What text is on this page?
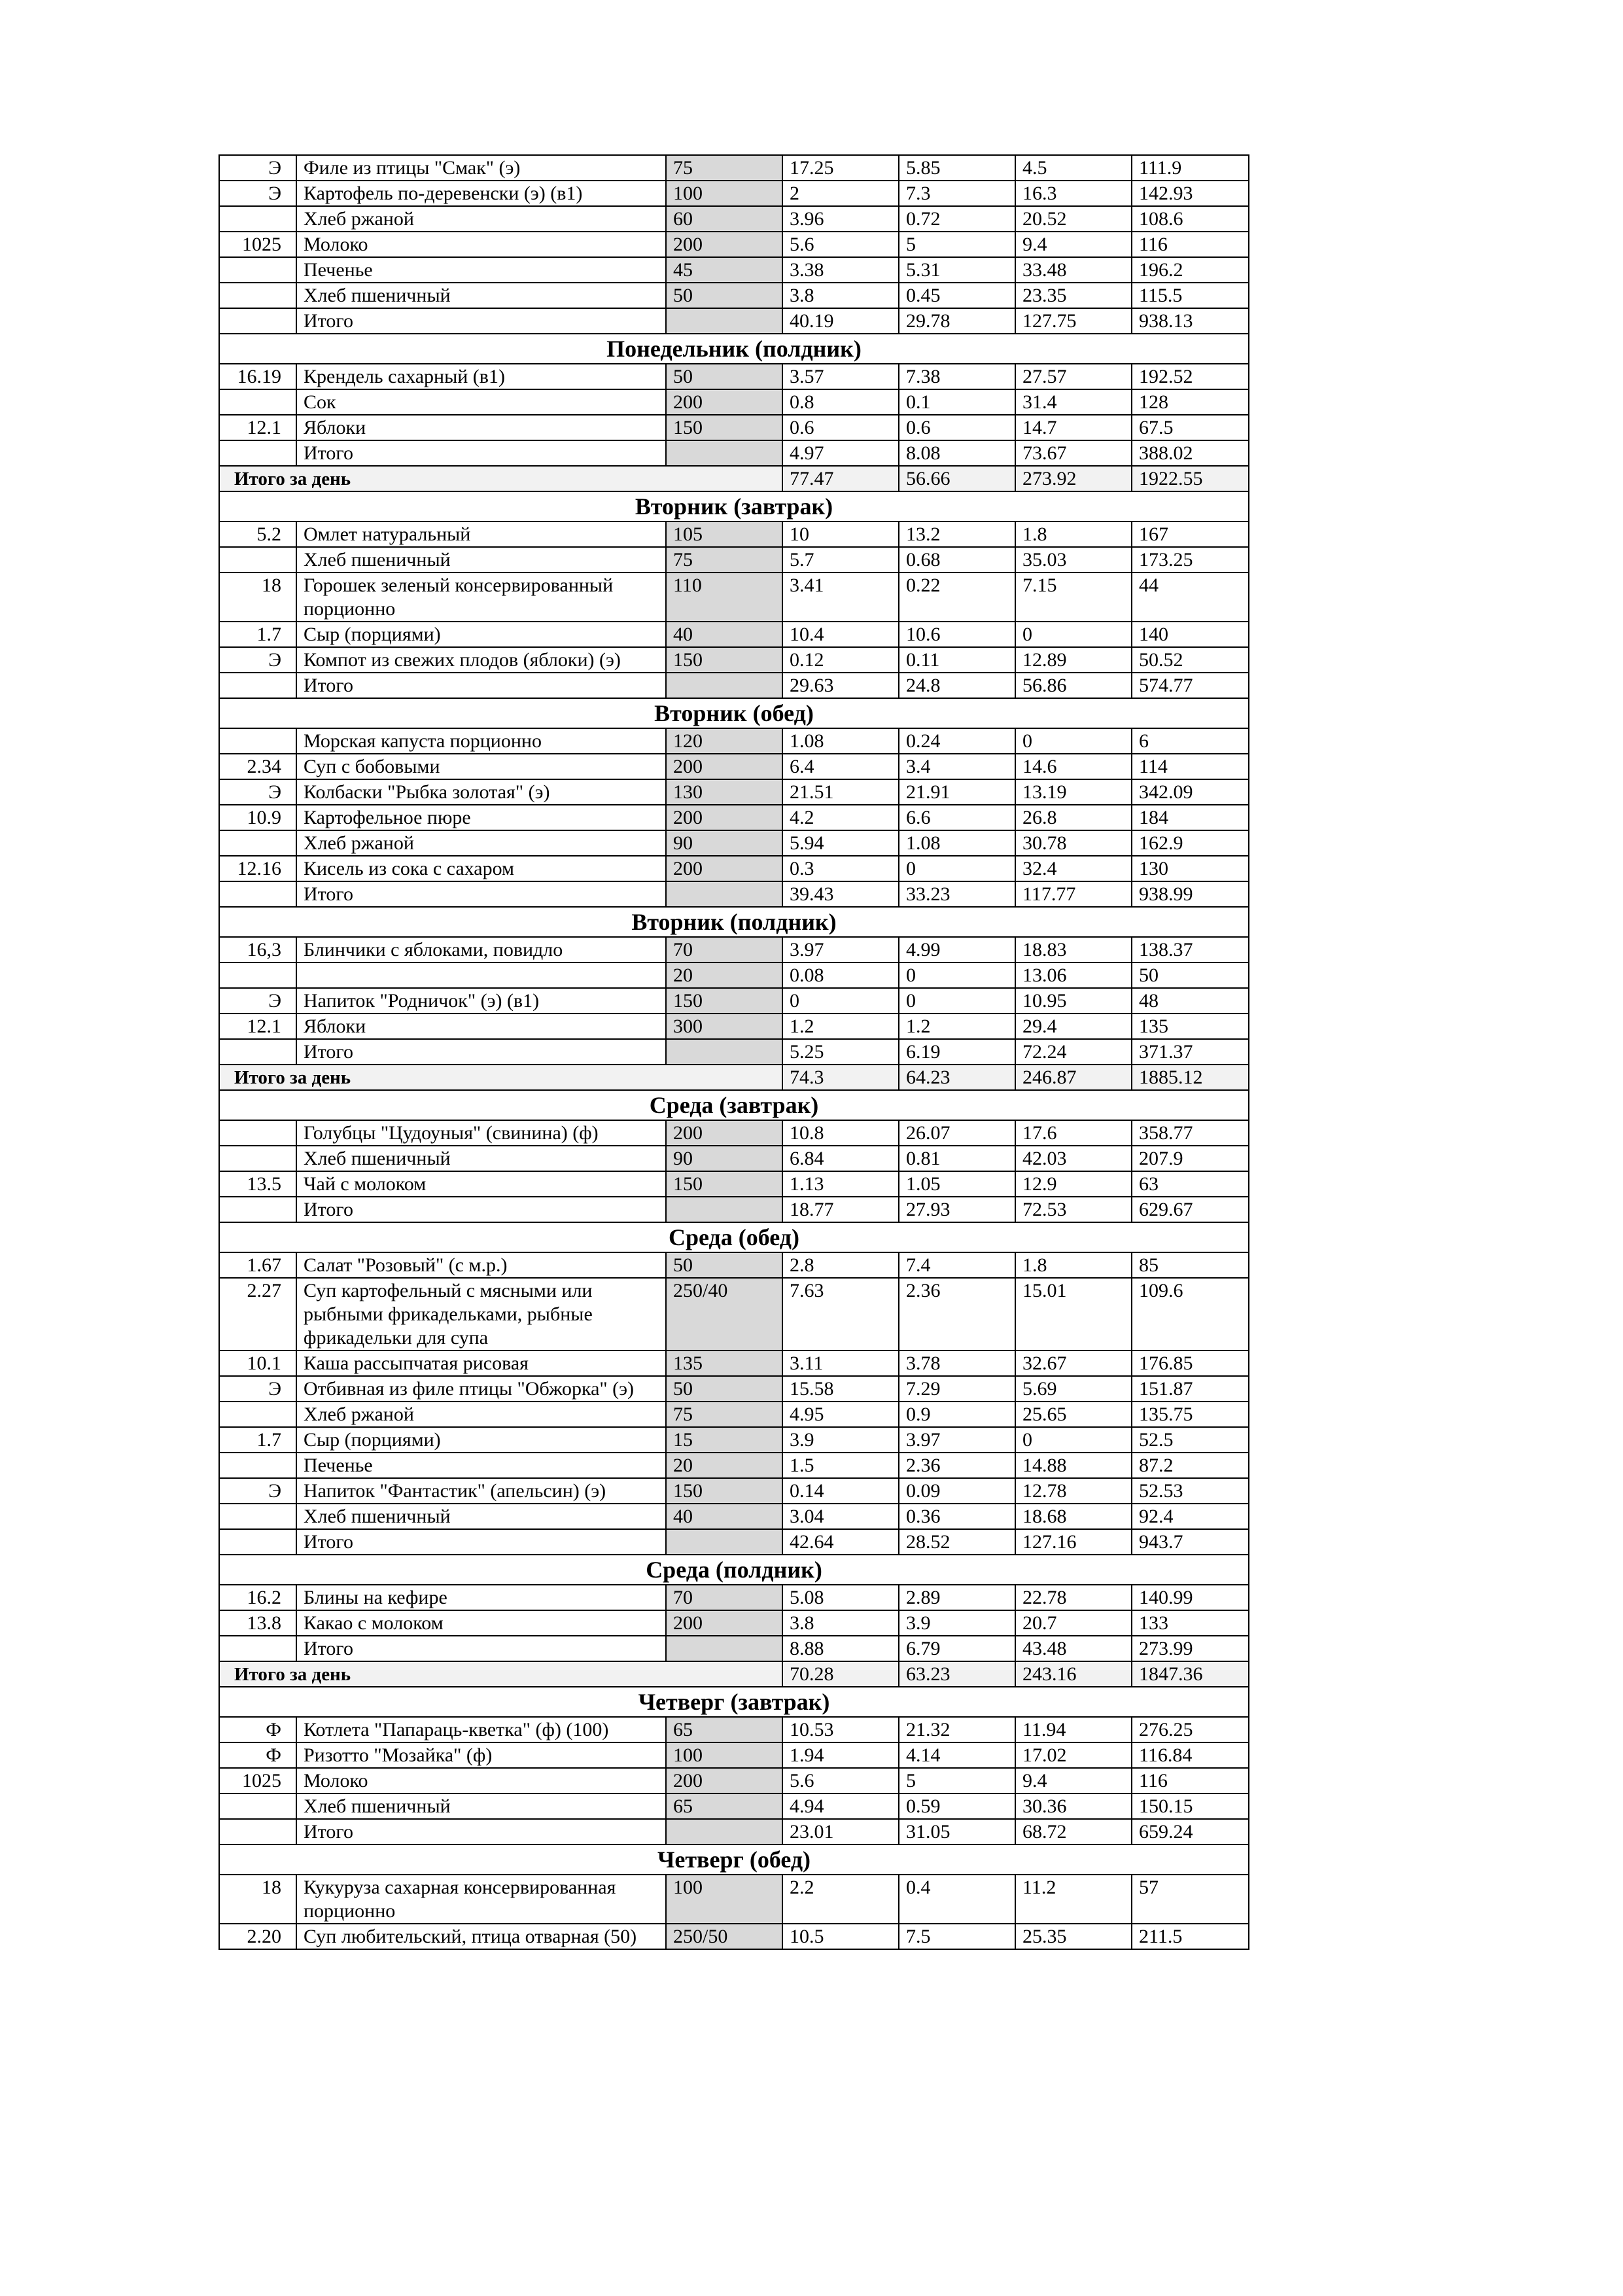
Э	Филе из птицы "Смак" (э)	75	17.25	5.85	4.5	111.9
Э	Картофель по-деревенски (э) (в1)	100	2	7.3	16.3	142.93
	Хлеб ржаной	60	3.96	0.72	20.52	108.6
1025	Молоко	200	5.6	5	9.4	116
	Печенье	45	3.38	5.31	33.48	196.2
	Хлеб пшеничный	50	3.8	0.45	23.35	115.5
	Итого		40.19	29.78	127.75	938.13
Понедельник (полдник)						
16.19	Крендель сахарный (в1)	50	3.57	7.38	27.57	192.52
	Сок	200	0.8	0.1	31.4	128
12.1	Яблоки	150	0.6	0.6	14.7	67.5
	Итого		4.97	8.08	73.67	388.02
Итого за день			77.47	56.66	273.92	1922.55
Вторник (завтрак)						
5.2	Омлет натуральный	105	10	13.2	1.8	167
	Хлеб пшеничный	75	5.7	0.68	35.03	173.25
18	Горошек зеленый консервированный порционно	110	3.41	0.22	7.15	44
1.7	Сыр (порциями)	40	10.4	10.6	0	140
Э	Компот из свежих плодов (яблоки) (э)	150	0.12	0.11	12.89	50.52
	Итого		29.63	24.8	56.86	574.77
Вторник (обед)						
	Морская капуста порционно	120	1.08	0.24	0	6
2.34	Суп с бобовыми	200	6.4	3.4	14.6	114
Э	Колбаски "Рыбка золотая" (э)	130	21.51	21.91	13.19	342.09
10.9	Картофельное пюре	200	4.2	6.6	26.8	184
	Хлеб ржаной	90	5.94	1.08	30.78	162.9
12.16	Кисель из сока с сахаром	200	0.3	0	32.4	130
	Итого		39.43	33.23	117.77	938.99
Вторник (полдник)						
16,3	Блинчики с яблоками, повидло	70	3.97	4.99	18.83	138.37
		20	0.08	0	13.06	50
Э	Напиток "Родничок" (э) (в1)	150	0	0	10.95	48
12.1	Яблоки	300	1.2	1.2	29.4	135
	Итого		5.25	6.19	72.24	371.37
Итого за день			74.3	64.23	246.87	1885.12
Среда (завтрак)						
	Голубцы "Цудоуныя" (свинина) (ф)	200	10.8	26.07	17.6	358.77
	Хлеб пшеничный	90	6.84	0.81	42.03	207.9
13.5	Чай с молоком	150	1.13	1.05	12.9	63
	Итого		18.77	27.93	72.53	629.67
Среда (обед)						
1.67	Салат "Розовый" (с м.р.)	50	2.8	7.4	1.8	85
2.27	Суп картофельный с мясными или рыбными фрикадельками, рыбные фрикадельки для супа	250/40	7.63	2.36	15.01	109.6
10.1	Каша рассыпчатая рисовая	135	3.11	3.78	32.67	176.85
Э	Отбивная из филе птицы "Обжорка" (э)	50	15.58	7.29	5.69	151.87
	Хлеб ржаной	75	4.95	0.9	25.65	135.75
1.7	Сыр (порциями)	15	3.9	3.97	0	52.5
	Печенье	20	1.5	2.36	14.88	87.2
Э	Напиток "Фантастик" (апельсин) (э)	150	0.14	0.09	12.78	52.53
	Хлеб пшеничный	40	3.04	0.36	18.68	92.4
	Итого		42.64	28.52	127.16	943.7
Среда (полдник)						
16.2	Блины на кефире	70	5.08	2.89	22.78	140.99
13.8	Какао с молоком	200	3.8	3.9	20.7	133
	Итого		8.88	6.79	43.48	273.99
Итого за день			70.28	63.23	243.16	1847.36
Четверг (завтрак)						
Ф	Котлета "Папараць-кветка" (ф) (100)	65	10.53	21.32	11.94	276.25
Ф	Ризотто "Мозайка" (ф)	100	1.94	4.14	17.02	116.84
1025	Молоко	200	5.6	5	9.4	116
	Хлеб пшеничный	65	4.94	0.59	30.36	150.15
	Итого		23.01	31.05	68.72	659.24
Четверг (обед)						
18	Кукуруза сахарная консервированная порционно	100	2.2	0.4	11.2	57
2.20	Суп любительский, птица отварная (50)	250/50	10.5	7.5	25.35	211.5
